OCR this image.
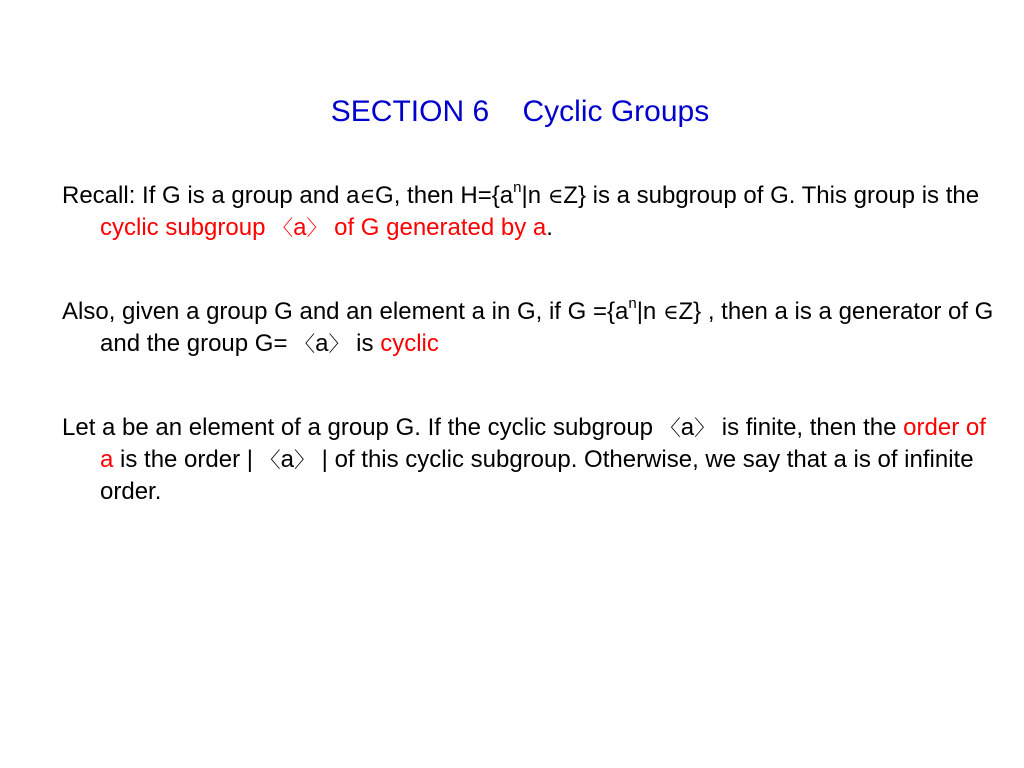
SECTION 6    Cyclic Groups

Recall: If G is a group and a∈G, then $H=\{a^n|n$ ∈Z} is a subgroup of G. This group is the cyclic subgroup 〈a〉 of G generated by a.

Also, given a group G and an element a in G, if $G =\{a^n|n$ ∈Z} , then a is a generator of G and the group G= 〈a〉 is cyclic

Let a be an element of a group G. If the cyclic subgroup 〈a〉 is finite, then the order of a is the order | 〈a〉 | of this cyclic subgroup. Otherwise, we say that a is of infinite order.
